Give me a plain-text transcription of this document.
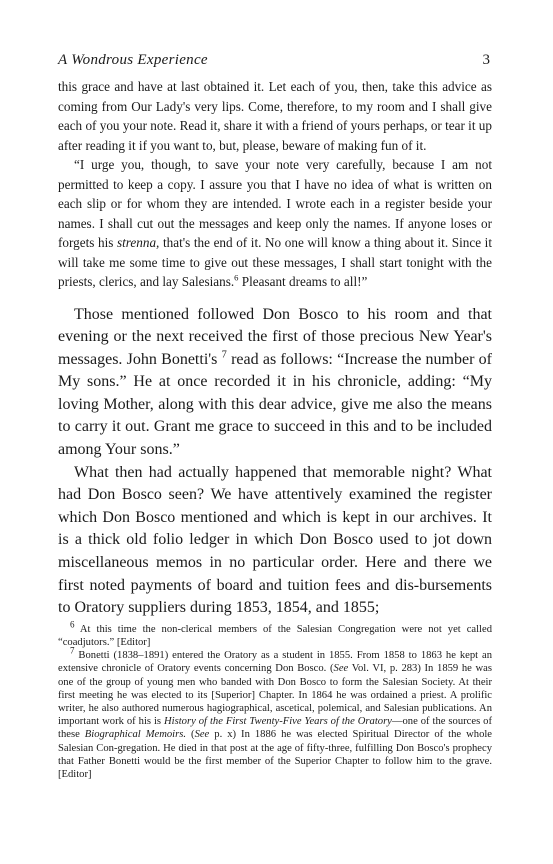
A Wondrous Experience	3

this grace and have at last obtained it. Let each of you, then, take this advice as coming from Our Lady's very lips. Come, therefore, to my room and I shall give each of you your note. Read it, share it with a friend of yours perhaps, or tear it up after reading it if you want to, but, please, beware of making fun of it.

“I urge you, though, to save your note very carefully, because I am not permitted to keep a copy. I assure you that I have no idea of what is written on each slip or for whom they are intended. I wrote each in a register beside your names. I shall cut out the messages and keep only the names. If anyone loses or forgets his strenna, that's the end of it. No one will know a thing about it. Since it will take me some time to give out these messages, I shall start tonight with the priests, clerics, and lay Salesians.$^6$ Pleasant dreams to all!”

Those mentioned followed Don Bosco to his room and that evening or the next received the first of those precious New Year's messages. John Bonetti's $^7$ read as follows: “Increase the number of My sons.” He at once recorded it in his chronicle, adding: “My loving Mother, along with this dear advice, give me also the means to carry it out. Grant me grace to succeed in this and to be included among Your sons.”

What then had actually happened that memorable night? What had Don Bosco seen? We have attentively examined the register which Don Bosco mentioned and which is kept in our archives. It is a thick old folio ledger in which Don Bosco used to jot down miscellaneous memos in no particular order. Here and there we first noted payments of board and tuition fees and dis-bursements to Oratory suppliers during 1853, 1854, and 1855;

$^6$ At this time the non-clerical members of the Salesian Congregation were not yet called “coadjutors.” [Editor]

$^7$ Bonetti (1838–1891) entered the Oratory as a student in 1855. From 1858 to 1863 he kept an extensive chronicle of Oratory events concerning Don Bosco. (See Vol. VI, p. 283) In 1859 he was one of the group of young men who banded with Don Bosco to form the Salesian Society. At their first meeting he was elected to its [Superior] Chapter. In 1864 he was ordained a priest. A prolific writer, he also authored numerous hagiographical, ascetical, polemical, and Salesian publications. An important work of his is History of the First Twenty-Five Years of the Oratory—one of the sources of these Biographical Memoirs. (See p. x) In 1886 he was elected Spiritual Director of the whole Salesian Con-gregation. He died in that post at the age of fifty-three, fulfilling Don Bosco's prophecy that Father Bonetti would be the first member of the Superior Chapter to follow him to the grave. [Editor]
